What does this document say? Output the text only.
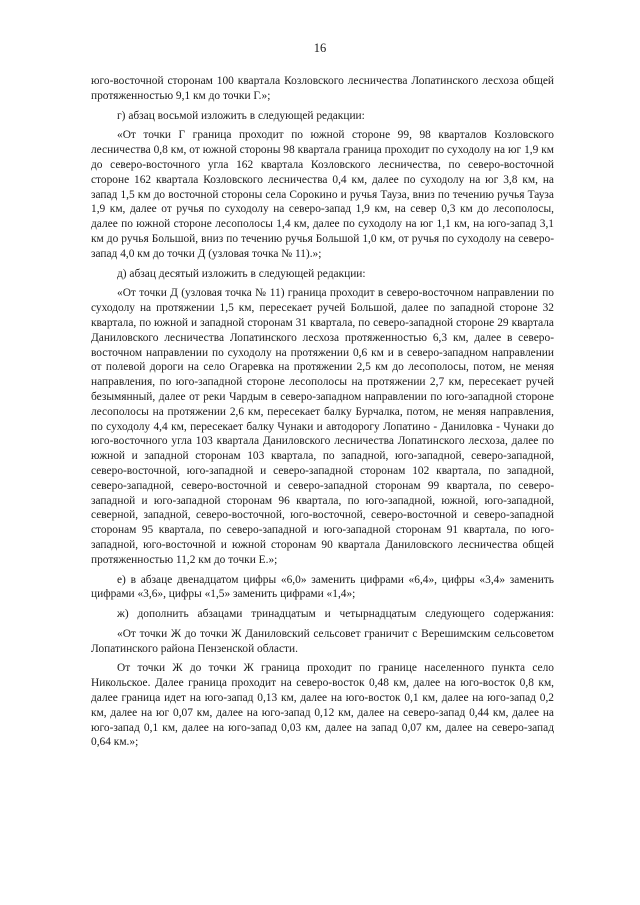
16

юго-восточной сторонам 100 квартала Козловского лесничества Лопатинского лесхоза общей протяженностью 9,1 км до точки Г.»;

г) абзац восьмой изложить в следующей редакции:

«От точки Г граница проходит по южной стороне 99, 98 кварталов Козловского лесничества 0,8 км, от южной стороны 98 квартала граница проходит по суходолу на юг 1,9 км до северо-восточного угла 162 квартала Козловского лесничества, по северо-восточной стороне 162 квартала Козловского лесничества 0,4 км, далее по суходолу на юг 3,8 км, на запад 1,5 км до восточной стороны села Сорокино и ручья Тауза, вниз по течению ручья Тауза 1,9 км, далее от ручья по суходолу на северо-запад 1,9 км, на север 0,3 км до лесополосы, далее по южной стороне лесополосы 1,4 км, далее по суходолу на юг 1,1 км, на юго-запад 3,1 км до ручья Большой, вниз по течению ручья Большой 1,0 км, от ручья по суходолу на северо-запад 4,0 км до точки Д (узловая точка № 11).»;

д) абзац десятый изложить в следующей редакции:

«От точки Д (узловая точка № 11) граница проходит в северо-восточном направлении по суходолу на протяжении 1,5 км, пересекает ручей Большой, далее по западной стороне 32 квартала, по южной и западной сторонам 31 квартала, по северо-западной стороне 29 квартала Даниловского лесничества Лопатинского лесхоза протяженностью 6,3 км, далее в северо-восточном направлении по суходолу на протяжении 0,6 км и в северо-западном направлении от полевой дороги на село Огаревка на протяжении 2,5 км до лесополосы, потом, не меняя направления, по юго-западной стороне лесополосы на протяжении 2,7 км, пересекает ручей безымянный, далее от реки Чардым в северо-западном направлении по юго-западной стороне лесополосы на протяжении 2,6 км, пересекает балку Бурчалка, потом, не меняя направления, по суходолу 4,4 км, пересекает балку Чунаки и автодорогу Лопатино - Даниловка - Чунаки до юго-восточного угла 103 квартала Даниловского лесничества Лопатинского лесхоза, далее по южной и западной сторонам 103 квартала, по западной, юго-западной, северо-западной, северо-восточной, юго-западной и северо-западной сторонам 102 квартала, по западной, северо-западной, северо-восточной и северо-западной сторонам 99 квартала, по северо-западной и юго-западной сторонам 96 квартала, по юго-западной, южной, юго-западной, северной, западной, северо-восточной, юго-восточной, северо-восточной и северо-западной сторонам 95 квартала, по северо-западной и юго-западной сторонам 91 квартала, по юго-западной, юго-восточной и южной сторонам 90 квартала Даниловского лесничества общей протяженностью 11,2 км до точки Е.»;

е) в абзаце двенадцатом цифры «6,0» заменить цифрами «6,4», цифры «3,4» заменить цифрами «3,6», цифры «1,5» заменить цифрами «1,4»;

ж) дополнить абзацами тринадцатым и четырнадцатым следующего содержания:

«От точки Ж до точки Ж Даниловский сельсовет граничит с Верешимским сельсоветом Лопатинского района Пензенской области.

От точки Ж до точки Ж граница проходит по границе населенного пункта село Никольское. Далее граница проходит на северо-восток 0,48 км, далее на юго-восток 0,8 км, далее граница идет на юго-запад 0,13 км, далее на юго-восток 0,1 км, далее на юго-запад 0,2 км, далее на юг 0,07 км, далее на юго-запад 0,12 км, далее на северо-запад 0,44 км, далее на юго-запад 0,1 км, далее на юго-запад 0,03 км, далее на запад 0,07 км, далее на северо-запад 0,64 км.»;
